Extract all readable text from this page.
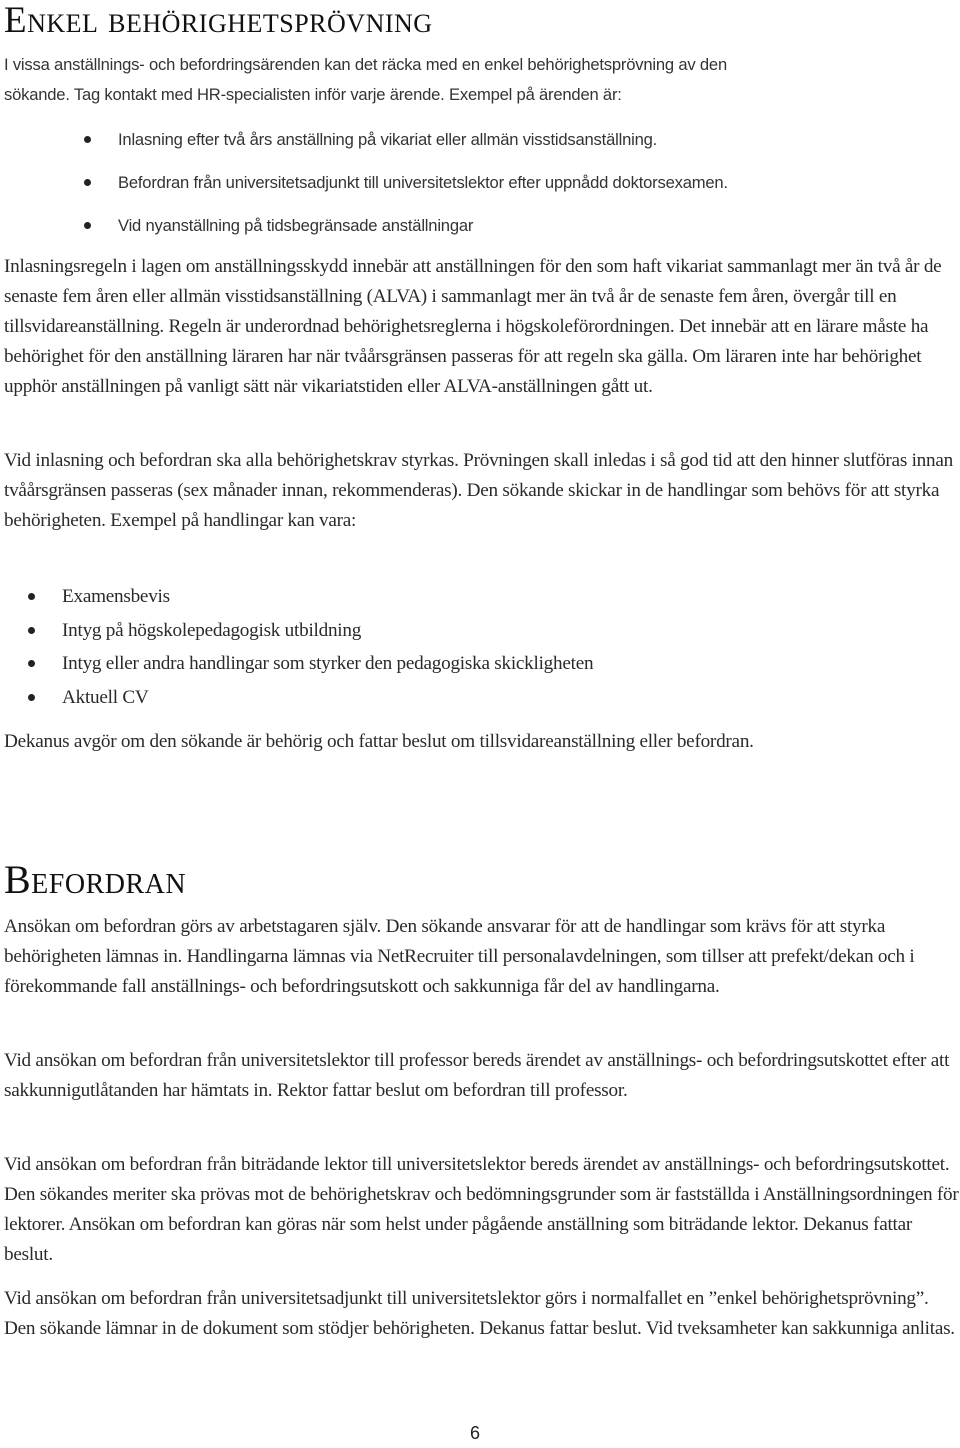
Enkel behörighetsprövning

I vissa anställnings- och befordringsärenden kan det räcka med en enkel behörighetsprövning av den

sökande. Tag kontakt med HR-specialisten inför varje ärende. Exempel på ärenden är:

Inlasning efter två års anställning på vikariat eller allmän visstidsanställning.
Befordran från universitetsadjunkt till universitetslektor efter uppnådd doktorsexamen.
Vid nyanställning på tidsbegränsade anställningar

Inlasningsregeln i lagen om anställningsskydd innebär att anställningen för den som haft vikariat sammanlagt mer än två år de senaste fem åren eller allmän visstidsanställning (ALVA) i sammanlagt mer än två år de senaste fem åren, övergår till en tillsvidareanställning. Regeln är underordnad behörighetsreglerna i högskoleförordningen. Det innebär att en lärare måste ha behörighet för den anställning läraren har när tvåårsgränsen passeras för att regeln ska gälla. Om läraren inte har behörighet upphör anställningen på vanligt sätt när vikariatstiden eller ALVA-anställningen gått ut.

Vid inlasning och befordran ska alla behörighetskrav styrkas. Prövningen skall inledas i så god tid att den hinner slutföras innan tvåårsgränsen passeras (sex månader innan, rekommenderas). Den sökande skickar in de handlingar som behövs för att styrka behörigheten. Exempel på handlingar kan vara:

Examensbevis
Intyg på högskolepedagogisk utbildning
Intyg eller andra handlingar som styrker den pedagogiska skickligheten
Aktuell CV

Dekanus avgör om den sökande är behörig och fattar beslut om tillsvidareanställning eller befordran.

Befordran

Ansökan om befordran görs av arbetstagaren själv. Den sökande ansvarar för att de handlingar som krävs för att styrka behörigheten lämnas in. Handlingarna lämnas via NetRecruiter till personalavdelningen, som tillser att prefekt/dekan och i förekommande fall anställnings- och befordringsutskott och sakkunniga får del av handlingarna.

Vid ansökan om befordran från universitetslektor till professor bereds ärendet av anställnings- och befordringsutskottet efter att sakkunnigutlåtanden har hämtats in. Rektor fattar beslut om befordran till professor.

Vid ansökan om befordran från biträdande lektor till universitetslektor bereds ärendet av anställnings- och befordringsutskottet. Den sökandes meriter ska prövas mot de behörighetskrav och bedömningsgrunder som är fastställda i Anställningsordningen för lektorer. Ansökan om befordran kan göras när som helst under pågående anställning som biträdande lektor. Dekanus fattar beslut.

Vid ansökan om befordran från universitetsadjunkt till universitetslektor görs i normalfallet en ”enkel behörighetsprövning”. Den sökande lämnar in de dokument som stödjer behörigheten. Dekanus fattar beslut. Vid tveksamheter kan sakkunniga anlitas.

6
